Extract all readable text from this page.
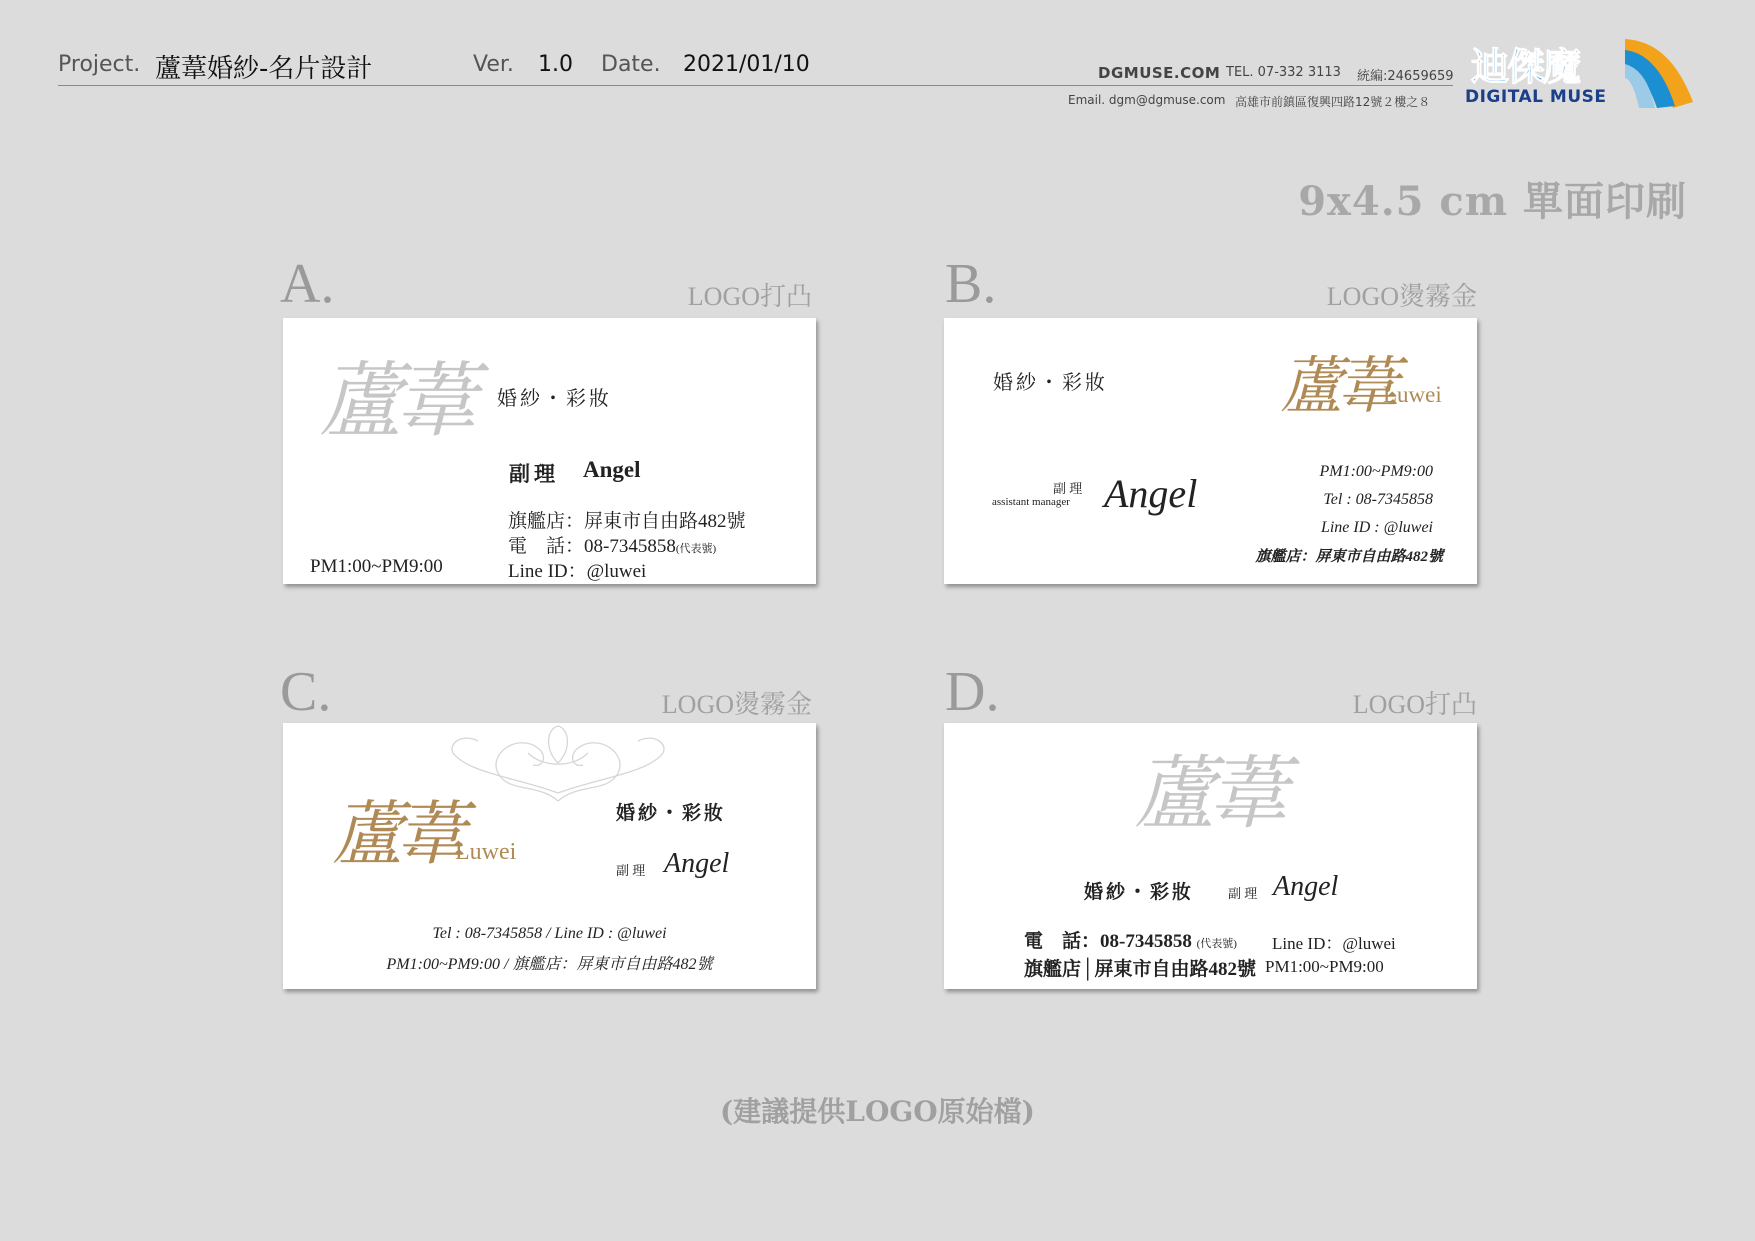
Project. 蘆葦婚紗-名片設計	Ver. 1.0 Date. 2021/01/10	DGMUSE.COM TEL. 07-332 3113 統編:24659659
Email. dgm@dgmuse.com 高雄市前鎮區復興四路12號２樓之８
迪傑魔
DIGITAL MUSE
9x4.5 cm 單面印刷
A.	LOGO打凸
蘆葦 婚紗・彩妝
副理 Angel
旗艦店：屏東市自由路482號
電　話：08-7345858(代表號)
Line ID：@luwei
PM1:00~PM9:00
B.	LOGO燙霧金
婚紗・彩妝	蘆葦
Luwei
副 理
assistant manager Angel	PM1:00~PM9:00
Tel : 08-7345858
Line ID : @luwei
旗艦店：屏東市自由路482號
C.	LOGO燙霧金
蘆葦
Luwei
婚紗・彩妝
副 理 Angel
Tel : 08-7345858 / Line ID : @luwei
PM1:00~PM9:00 / 旗艦店：屏東市自由路482號
D.	LOGO打凸
蘆葦
婚紗・彩妝	副 理 Angel
電　話：08-7345858 (代表號) Line ID：@luwei
旗艦店│屏東市自由路482號 PM1:00~PM9:00
(建議提供LOGO原始檔)
